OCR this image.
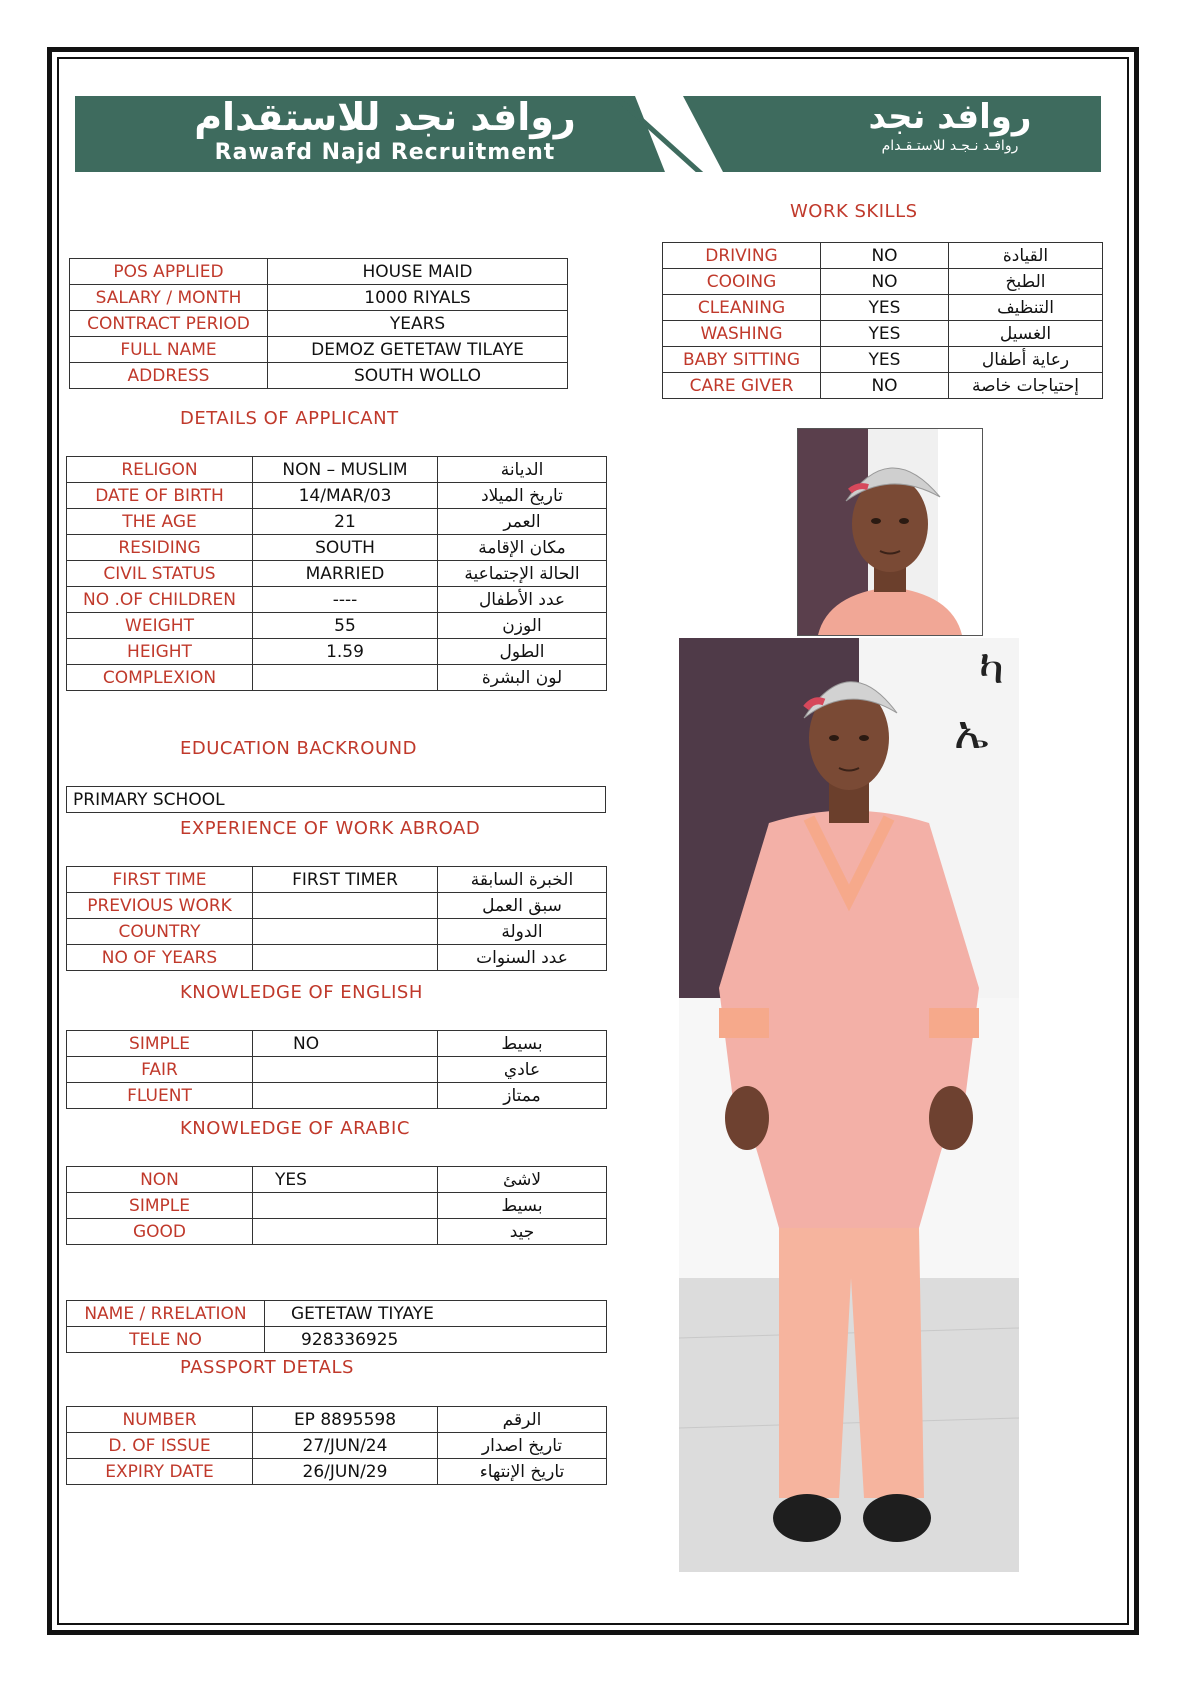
روافد نجد للاستقدام
Rawafd Najd Recruitment
روافد نجد
روافـد نـجـد للاستـقـدام
WORK SKILLS
DRIVING	NO	القيادة
COOING	NO	الطبخ
CLEANING	YES	التنظيف
WASHING	YES	الغسيل
BABY SITTING	YES	رعاية أطفال
CARE GIVER	NO	إحتياجات خاصة
POS APPLIED	HOUSE MAID
SALARY / MONTH	1000 RIYALS
CONTRACT PERIOD	YEARS
FULL NAME	DEMOZ GETETAW TILAYE
ADDRESS	SOUTH WOLLO
DETAILS OF APPLICANT
RELIGON	NON – MUSLIM	الديانة
DATE OF BIRTH	14/MAR/03	تاريخ الميلاد
THE AGE	21	العمر
RESIDING	SOUTH	مكان الإقامة
CIVIL STATUS	MARRIED	الحالة الإجتماعية
NO .OF CHILDREN	----	عدد الأطفال
WEIGHT	55	الوزن
HEIGHT	1.59	الطول
COMPLEXION		لون البشرة
EDUCATION BACKROUND
PRIMARY SCHOOL
EXPERIENCE OF WORK ABROAD
FIRST TIME	FIRST TIMER	الخبرة السابقة
PREVIOUS WORK		سبق العمل
COUNTRY		الدولة
NO OF YEARS		عدد السنوات
KNOWLEDGE OF ENGLISH
SIMPLE	NO	بسيط
FAIR		عادي
FLUENT		ممتاز
KNOWLEDGE OF ARABIC
NON	YES	لاشئ
SIMPLE		بسيط
GOOD		جيد
NAME / RRELATION	GETETAW TIYAYE
TELE NO	928336925
PASSPORT DETALS
NUMBER	EP 8895598	الرقم
D. OF ISSUE	27/JUN/24	تاريخ اصدار
EXPIRY DATE	26/JUN/29	تاريخ الإنتهاء
ካ
ኤ
